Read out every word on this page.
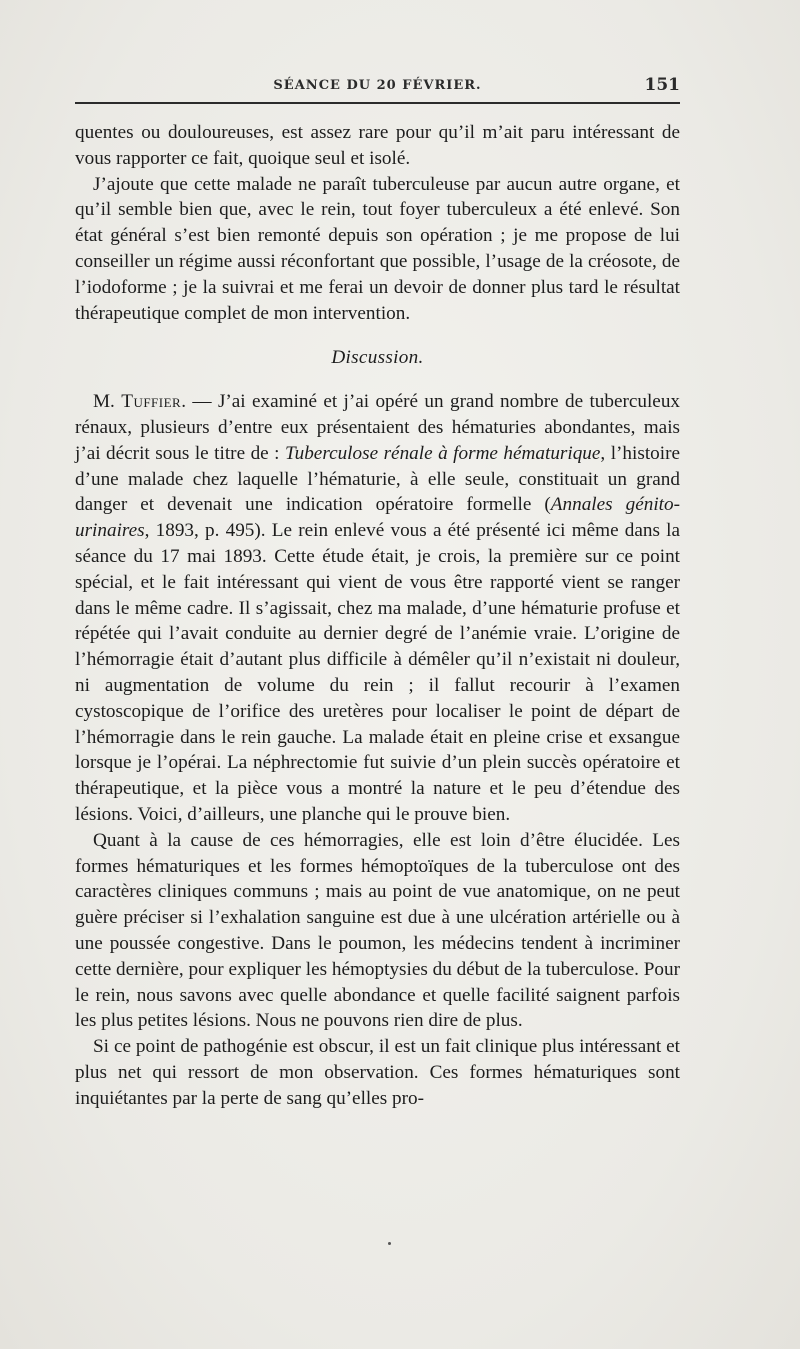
SÉANCE DU 20 FÉVRIER.	151

quentes ou douloureuses, est assez rare pour qu’il m’ait paru intéressant de vous rapporter ce fait, quoique seul et isolé.

J’ajoute que cette malade ne paraît tuberculeuse par aucun autre organe, et qu’il semble bien que, avec le rein, tout foyer tuberculeux a été enlevé. Son état général s’est bien remonté depuis son opération ; je me propose de lui conseiller un régime aussi réconfortant que possible, l’usage de la créosote, de l’iodoforme ; je la suivrai et me ferai un devoir de donner plus tard le résultat thérapeutique complet de mon intervention.

Discussion.

M. Tuffier. — J’ai examiné et j’ai opéré un grand nombre de tuberculeux rénaux, plusieurs d’entre eux présentaient des hématuries abondantes, mais j’ai décrit sous le titre de : Tuberculose rénale à forme hématurique, l’histoire d’une malade chez laquelle l’hématurie, à elle seule, constituait un grand danger et devenait une indication opératoire formelle (Annales génito-urinaires, 1893, p. 495). Le rein enlevé vous a été présenté ici même dans la séance du 17 mai 1893. Cette étude était, je crois, la première sur ce point spécial, et le fait intéressant qui vient de vous être rapporté vient se ranger dans le même cadre. Il s’agissait, chez ma malade, d’une hématurie profuse et répétée qui l’avait conduite au dernier degré de l’anémie vraie. L’origine de l’hémorragie était d’autant plus difficile à démêler qu’il n’existait ni douleur, ni augmentation de volume du rein ; il fallut recourir à l’examen cystoscopique de l’orifice des uretères pour localiser le point de départ de l’hémorragie dans le rein gauche. La malade était en pleine crise et exsangue lorsque je l’opérai. La néphrectomie fut suivie d’un plein succès opératoire et thérapeutique, et la pièce vous a montré la nature et le peu d’étendue des lésions. Voici, d’ailleurs, une planche qui le prouve bien.

Quant à la cause de ces hémorragies, elle est loin d’être élucidée. Les formes hématuriques et les formes hémoptoïques de la tuberculose ont des caractères cliniques communs ; mais au point de vue anatomique, on ne peut guère préciser si l’exhalation sanguine est due à une ulcération artérielle ou à une poussée congestive. Dans le poumon, les médecins tendent à incriminer cette dernière, pour expliquer les hémoptysies du début de la tuberculose. Pour le rein, nous savons avec quelle abondance et quelle facilité saignent parfois les plus petites lésions. Nous ne pouvons rien dire de plus.

Si ce point de pathogénie est obscur, il est un fait clinique plus intéressant et plus net qui ressort de mon observation. Ces formes hématuriques sont inquiétantes par la perte de sang qu’elles pro-
